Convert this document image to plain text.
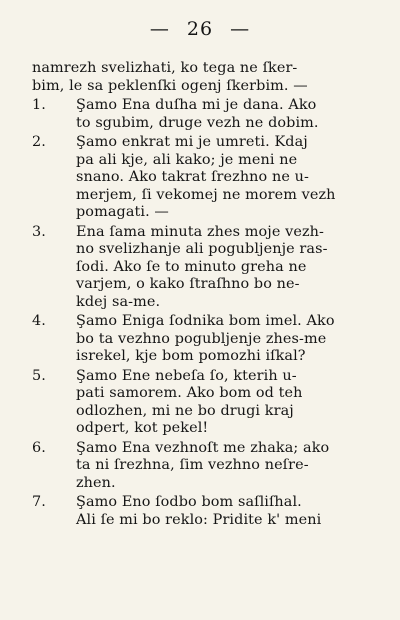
— 26 —
namrezh svelizhati, ko tega ne ſker-
bim, le sa peklenſki ogenj ſkerbim. —
1.	Şamo Ena duſha mi je dana. Ako
to sgubim, druge vezh ne dobim.
2.	Şamo enkrat mi je umreti. Kdaj
pa ali kje, ali kako; je meni ne
snano. Ako takrat ſrezhno ne u-
merjem, ſi vekomej ne morem vezh
pomagati. —
3.	Ena ſama minuta zhes moje vezh-
no svelizhanje ali pogubljenje ras-
ſodi. Ako ſe to minuto greha ne
varjem, o kako ſtraſhno bo ne-
kdej sa-me.
4.	Şamo Eniga ſodnika bom imel. Ako
bo ta vezhno pogubljenje zhes-me
isrekel, kje bom pomozhi iſkal?
5.	Şamo Ene nebeſa ſo, kterih u-
pati samorem. Ako bom od teh
odlozhen, mi ne bo drugi kraj
odpert, kot pekel!
6.	Şamo Ena vezhnoſt me zhaka; ako
ta ni ſrezhna, ſim vezhno neſre-
zhen.
7.	Şamo Eno ſodbo bom saſliſhal.
Ali ſe mi bo reklo: Pridite k' meni
